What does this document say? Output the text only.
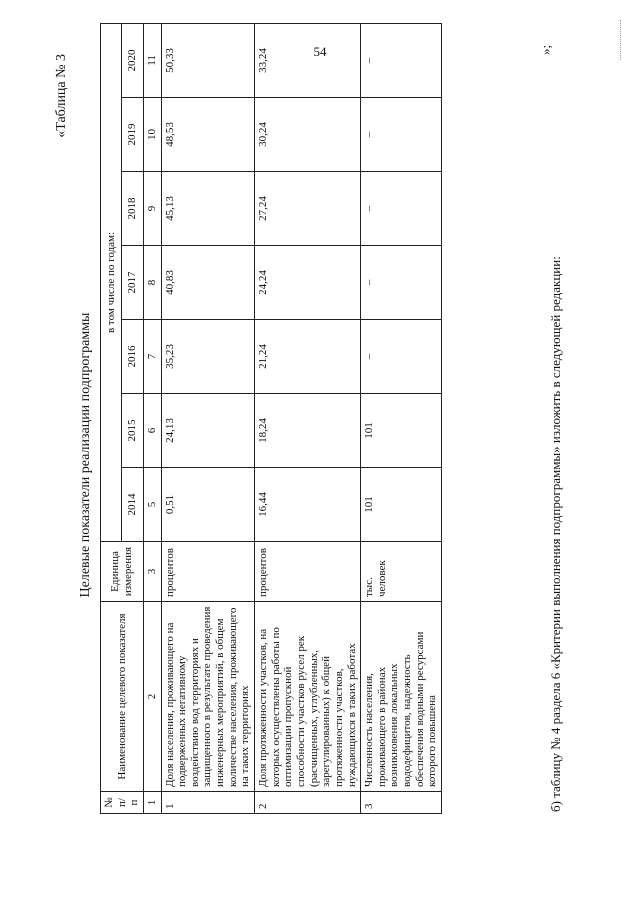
54
«Таблица № 3
Целевые показатели реализации подпрограммы
№ п/п	Наименование целевого показателя	Единица измерения	в том числе по годам:						
			2014	2015	2016	2017	2018	2019	2020
1	2	3	5	6	7	8	9	10	11
1	Доля населения, проживающего на подверженных негативному воздействию вод территориях и защищенного в результате проведения инженерных мероприятий, в общем количестве населения, проживающего на таких территориях	процентов	0,51	24,13	35,23	40,83	45,13	48,53	50,33
2	Доля протяженности участков, на которых осуществлены работы по оптимизации пропускной способности участков русел рек (расчищенных, углубленных, зарегулированных) к общей протяженности участков, нуждающихся в таких работах	процентов	16,44	18,24	21,24	24,24	27,24	30,24	33,24
3	Численность населения, проживающего в районах возникновения локальных вододефицитов, надежность обеспечения водными ресурсами которого повышена	тыс. человек	101	101	–	–	–	–	–
»;
б) таблицу № 4 раздела 6 «Критерии выполнения подпрограммы» изложить в следующей редакции:
